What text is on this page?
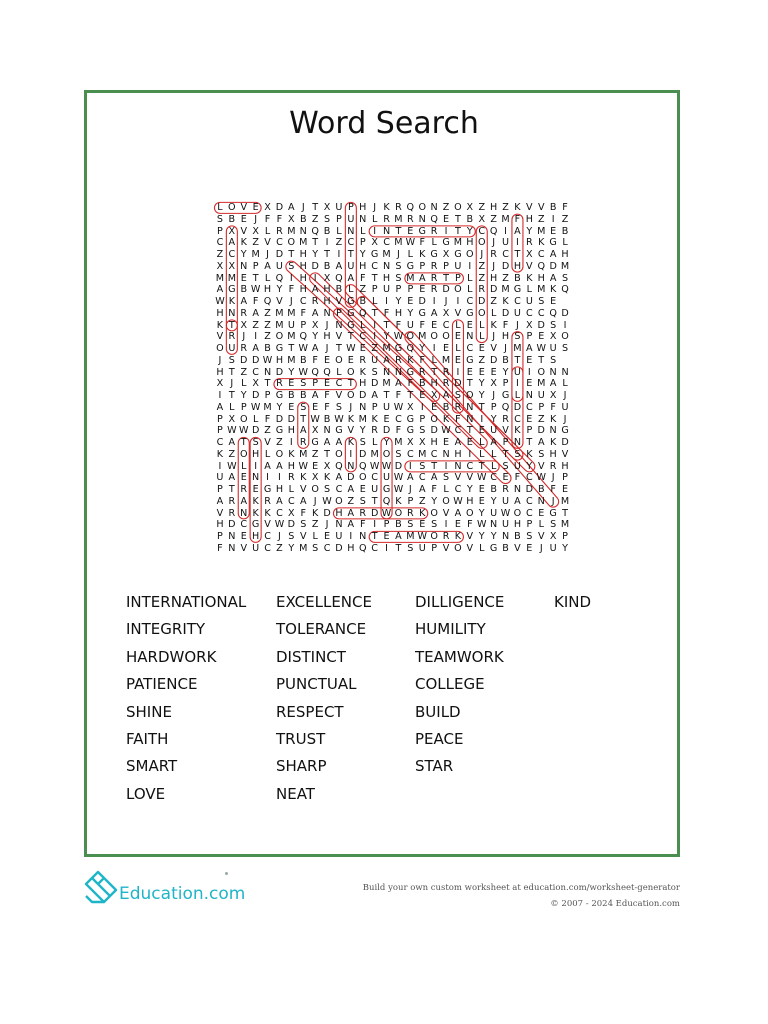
Word Search
L O V E X D A J T X U P H J K R Q O N Z O X Z H Z K V V B F
S B E J F F X B Z S P U N L R M R N Q E T B X Z M F H Z I Z
P X V X L R M N Q B L N L I N T E G R I T Y C Q I A Y M E B
C A K Z V C O M T I Z C P X C M W F L G M H O J U I R K G L
Z C Y M J D T H Y T I T Y G M J L K G X G O J R C T X C A H
X X N P A U S H D B A U H C N S G P R P U I Z J D H V Q D M
M M E T L Q I H I X Q A F T H S M A R T P L Z H Z B K H A S
A G B W H Y F H A H B L Z P U P P E R D O L R D M G L M K Q
W K A F Q V J C R H V G B L I Y E D I J I C D Z K C U S E
H N R A Z M M F A N P G Q T F H Y G A X V G O L D U C C Q D
K T X Z Z M U P X J N G L I T F U F E C L E L K F J X D S I
V R J I Z O M Q Y H V T C I Y W O M O O E N L J H S P E X O
O U R A B G T W A J T W E Z M G Q Y I E L C E V J M A W U S
J S D D W H M B F E O E R U A R K F L M E G Z D B T E T S
H T Z C N D Y W Q Q L O K S N N G R T R I E E E Y U I O N N
X J L X T R E S P E C T H D M A F B H R D T Y X P I E M A L
I T Y D P G B B A F V O D A T F T E X A S O Y J G L N U X J
A L P W M Y E S E F S J N P U W X I E B R N T P Q D C P F U
P X O L F D D T W B W K M K E C G P O K F N I Y R C E Z K J
P W W D Z G H A X N G V Y R D F G S D W C T E U V K P D N G
C A T S V Z I R G A A K S L Y M X X H E A E L A P N T A K D
K Z O H L O K M Z T O I D M O S C M C N H I L L T S K S H V
I W L I A A H W E X Q N Q W W D I S T I N C T L S U Y V R H
U A E N I I R K X K A D O C U W A C A S V V W C E F C W J P
P T R E G H L V O S C A E U G W J A F L C Y E B R N D B F E
A R A K R A C A J W O Z S T Q K P Z Y O W H E Y U A C N J M
V R N K K C X F K D H A R D W O R K O V A O Y U W O C E G T
H D C G V W D S Z J N A F I P B S E S I E F W N U H P L S M
P N E H C J S V L E U I N T E A M W O R K V Y Y N B S V X P
F N V U C Z Y M S C D H Q C I T S U P V O V L G B V E J U Y
INTERNATIONAL
INTEGRITY
HARDWORK
PATIENCE
SHINE
FAITH
SMART
LOVE
EXCELLENCE
TOLERANCE
DISTINCT
PUNCTUAL
RESPECT
TRUST
SHARP
NEAT
DILLIGENCE
HUMILITY
TEAMWORK
COLLEGE
BUILD
PEACE
STAR
KIND
Education.com	Build your own custom worksheet at education.com/worksheet-generator
© 2007 - 2024 Education.com
